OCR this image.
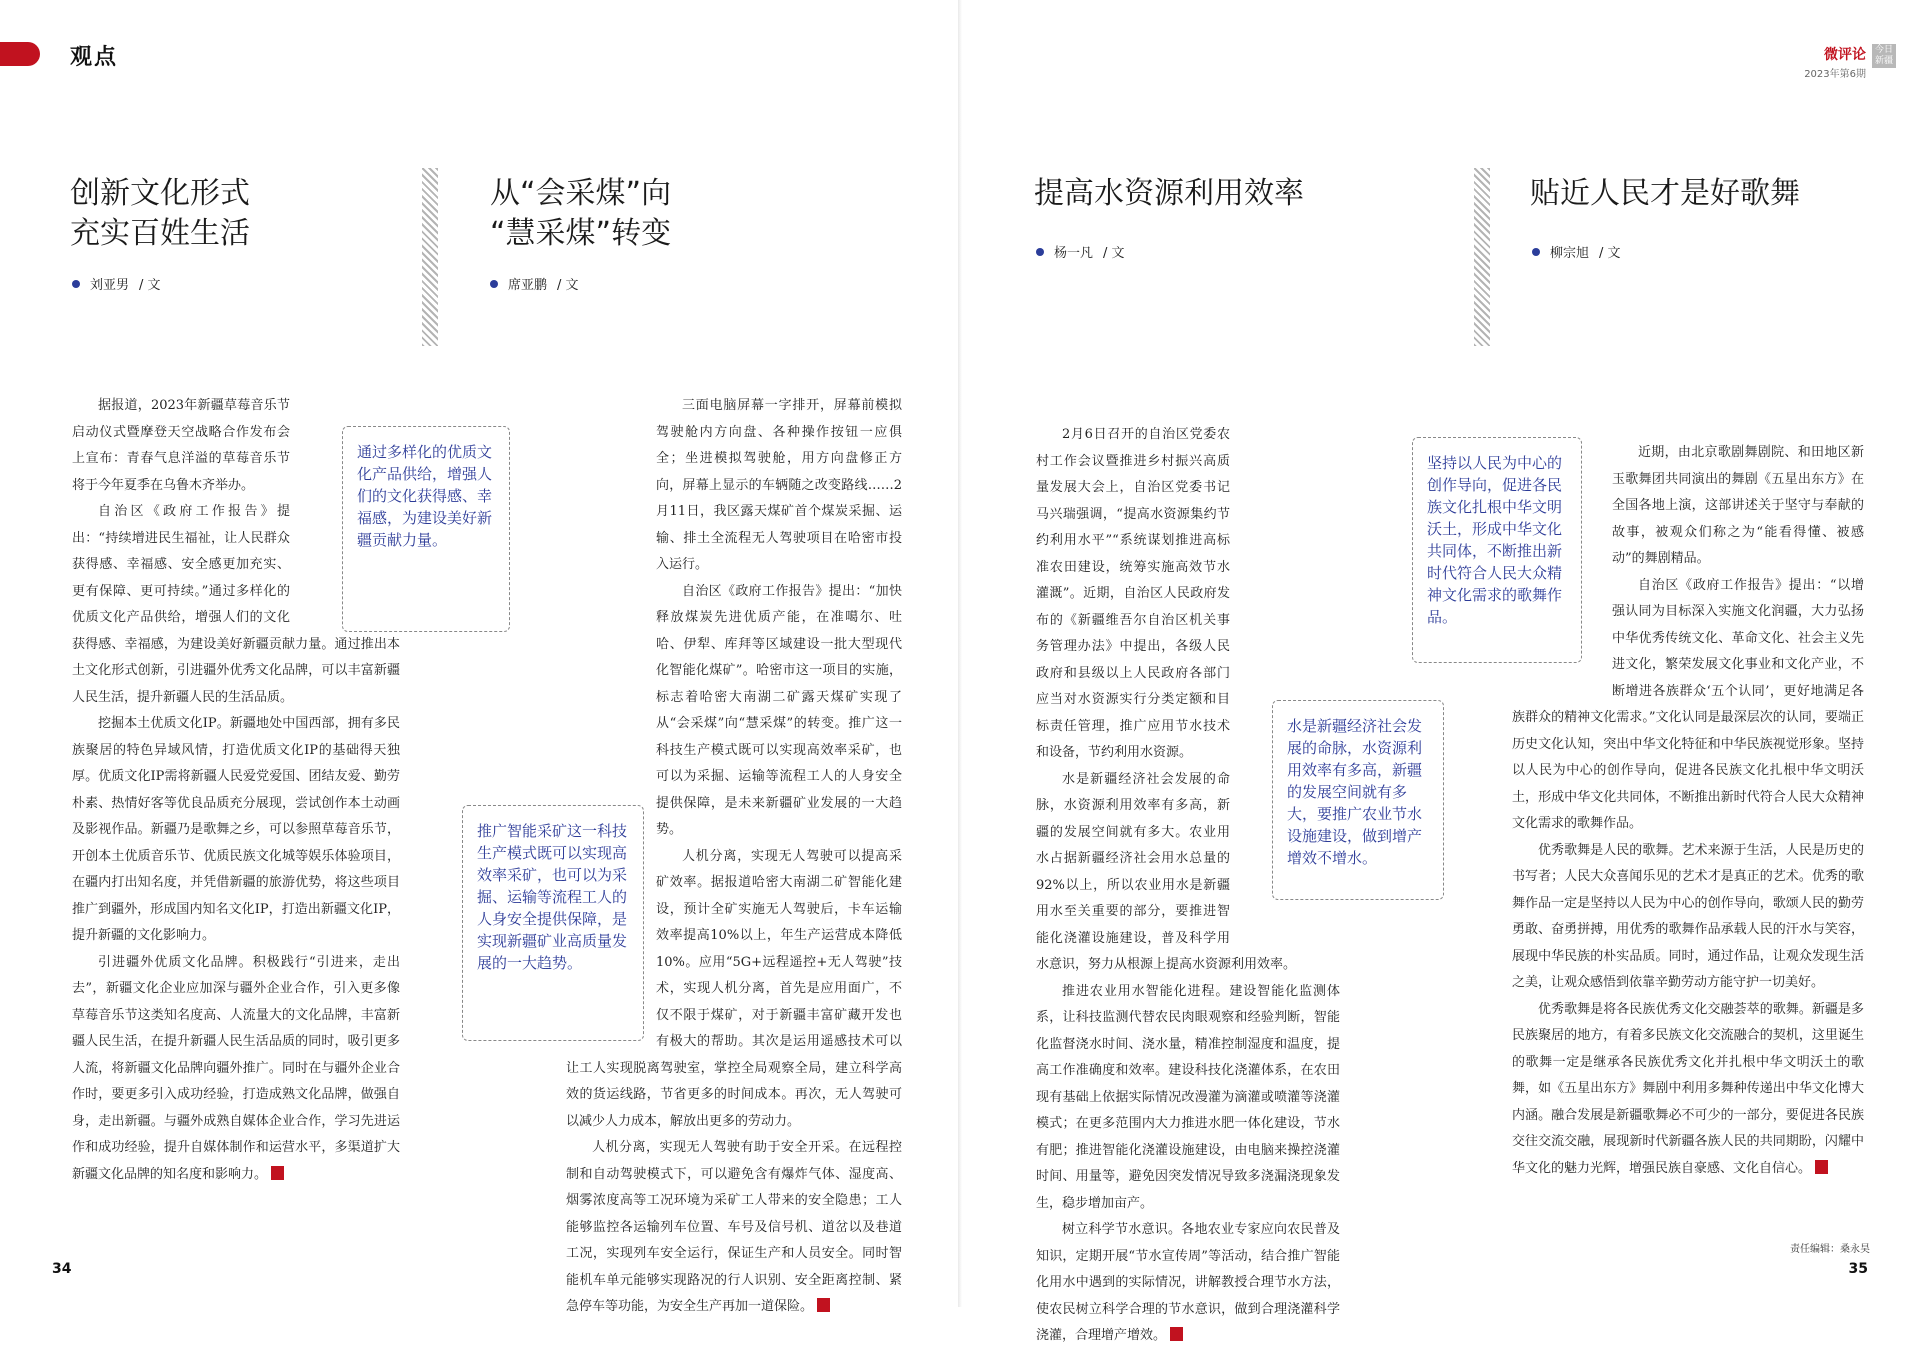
观点	微评论
2023年第6期
今日 新疆
创新文化形式
充实百姓生活
刘亚男 / 文

据报道，2023年新疆草莓音乐节启动仪式暨摩登天空战略合作发布会上宣布：青春气息洋溢的草莓音乐节将于今年夏季在乌鲁木齐举办。

自治区《政府工作报告》提出：“持续增进民生福祉，让人民群众获得感、幸福感、安全感更加充实、更有保障、更可持续。”通过多样化的优质文化产品供给，增强人们的文化获得感、幸福感，为建设美好新疆贡献力量。通过推出本土文化形式创新，引进疆外优秀文化品牌，可以丰富新疆人民生活，提升新疆人民的生活品质。

挖掘本土优质文化IP。新疆地处中国西部，拥有多民族聚居的特色异域风情，打造优质文化IP的基础得天独厚。优质文化IP需将新疆人民爱党爱国、团结友爱、勤劳朴素、热情好客等优良品质充分展现，尝试创作本土动画及影视作品。新疆乃是歌舞之乡，可以参照草莓音乐节，开创本土优质音乐节、优质民族文化城等娱乐体验项目，在疆内打出知名度，并凭借新疆的旅游优势，将这些项目推广到疆外，形成国内知名文化IP，打造出新疆文化IP，提升新疆的文化影响力。

引进疆外优质文化品牌。积极践行“引进来，走出去”，新疆文化企业应加深与疆外企业合作，引入更多像草莓音乐节这类知名度高、人流量大的文化品牌，丰富新疆人民生活，在提升新疆人民生活品质的同时，吸引更多人流，将新疆文化品牌向疆外推广。同时在与疆外企业合作时，要更多引入成功经验，打造成熟文化品牌，做强自身，走出新疆。与疆外成熟自媒体企业合作，学习先进运作和成功经验，提升自媒体制作和运营水平，多渠道扩大新疆文化品牌的知名度和影响力。

通过多样化的优质文化产品供给，增强人们的文化获得感、幸福感，为建设美好新疆贡献力量。
从“会采煤”向
“慧采煤”转变
席亚鹏 / 文

三面电脑屏幕一字排开，屏幕前模拟驾驶舱内方向盘、各种操作按钮一应俱全；坐进模拟驾驶舱，用方向盘修正方向，屏幕上显示的车辆随之改变路线……2月11日，我区露天煤矿首个煤炭采掘、运输、排土全流程无人驾驶项目在哈密市投入运行。

自治区《政府工作报告》提出：“加快释放煤炭先进优质产能，在准噶尔、吐哈、伊犁、库拜等区域建设一批大型现代化智能化煤矿”。哈密市这一项目的实施，标志着哈密大南湖二矿露天煤矿实现了从“会采煤”向“慧采煤”的转变。推广这一科技生产模式既可以实现高效率采矿，也可以为采掘、运输等流程工人的人身安全提供保障，是未来新疆矿业发展的一大趋势。

人机分离，实现无人驾驶可以提高采矿效率。据报道哈密大南湖二矿智能化建设，预计全矿实施无人驾驶后，卡车运输效率提高10%以上，年生产运营成本降低10%。应用“5G+远程遥控+无人驾驶”技术，实现人机分离，首先是应用面广，不仅不限于煤矿，对于新疆丰富矿藏开发也有极大的帮助。其次是运用遥感技术可以让工人实现脱离驾驶室，掌控全局观察全局，建立科学高效的货运线路，节省更多的时间成本。再次，无人驾驶可以减少人力成本，解放出更多的劳动力。

人机分离，实现无人驾驶有助于安全开采。在远程控制和自动驾驶模式下，可以避免含有爆炸气体、湿度高、烟雾浓度高等工况环境为采矿工人带来的安全隐患；工人能够监控各运输列车位置、车号及信号机、道岔以及巷道工况，实现列车安全运行，保证生产和人员安全。同时智能机车单元能够实现路况的行人识别、安全距离控制、紧急停车等功能，为安全生产再加一道保险。

推广智能采矿这一科技生产模式既可以实现高效率采矿，也可以为采掘、运输等流程工人的人身安全提供保障，是实现新疆矿业高质量发展的一大趋势。
提高水资源利用效率
杨一凡 / 文

2月6日召开的自治区党委农村工作会议暨推进乡村振兴高质量发展大会上，自治区党委书记马兴瑞强调，“提高水资源集约节约利用水平”“系统谋划推进高标准农田建设，统筹实施高效节水灌溉”。近期，自治区人民政府发布的《新疆维吾尔自治区机关事务管理办法》中提出，各级人民政府和县级以上人民政府各部门应当对水资源实行分类定额和目标责任管理，推广应用节水技术和设备，节约利用水资源。

水是新疆经济社会发展的命脉，水资源利用效率有多高，新疆的发展空间就有多大。农业用水占据新疆经济社会用水总量的92%以上，所以农业用水是新疆用水至关重要的部分，要推进智能化浇灌设施建设，普及科学用水意识，努力从根源上提高水资源利用效率。

推进农业用水智能化进程。建设智能化监测体系，让科技监测代替农民肉眼观察和经验判断，智能化监督浇水时间、浇水量，精准控制湿度和温度，提高工作准确度和效率。建设科技化浇灌体系，在农田现有基础上依据实际情况改漫灌为滴灌或喷灌等浇灌模式；在更多范围内大力推进水肥一体化建设，节水有肥；推进智能化浇灌设施建设，由电脑来操控浇灌时间、用量等，避免因突发情况导致多浇漏浇现象发生，稳步增加亩产。

树立科学节水意识。各地农业专家应向农民普及知识，定期开展“节水宣传周”等活动，结合推广智能化用水中遇到的实际情况，讲解教授合理节水方法，使农民树立科学合理的节水意识，做到合理浇灌科学浇灌，合理增产增效。

水是新疆经济社会发展的命脉，水资源利用效率有多高，新疆的发展空间就有多大，要推广农业节水设施建设，做到增产增效不增水。
贴近人民才是好歌舞
柳宗旭 / 文

近期，由北京歌剧舞剧院、和田地区新玉歌舞团共同演出的舞剧《五星出东方》在全国各地上演，这部讲述关于坚守与奉献的故事，被观众们称之为“能看得懂、被感动”的舞剧精品。

自治区《政府工作报告》提出：“以增强认同为目标深入实施文化润疆，大力弘扬中华优秀传统文化、革命文化、社会主义先进文化，繁荣发展文化事业和文化产业，不断增进各族群众‘五个认同’，更好地满足各族群众的精神文化需求。”文化认同是最深层次的认同，要端正历史文化认知，突出中华文化特征和中华民族视觉形象。坚持以人民为中心的创作导向，促进各民族文化扎根中华文明沃土，形成中华文化共同体，不断推出新时代符合人民大众精神文化需求的歌舞作品。

优秀歌舞是人民的歌舞。艺术来源于生活，人民是历史的书写者；人民大众喜闻乐见的艺术才是真正的艺术。优秀的歌舞作品一定是坚持以人民为中心的创作导向，歌颂人民的勤劳勇敢、奋勇拼搏，用优秀的歌舞作品承载人民的汗水与笑容，展现中华民族的朴实品质。同时，通过作品，让观众发现生活之美，让观众感悟到依靠辛勤劳动方能守护一切美好。

优秀歌舞是将各民族优秀文化交融荟萃的歌舞。新疆是多民族聚居的地方，有着多民族文化交流融合的契机，这里诞生的歌舞一定是继承各民族优秀文化并扎根中华文明沃土的歌舞，如《五星出东方》舞剧中利用多舞种传递出中华文化博大内涵。融合发展是新疆歌舞必不可少的一部分，要促进各民族交往交流交融，展现新时代新疆各族人民的共同期盼，闪耀中华文化的魅力光辉，增强民族自豪感、文化自信心。

坚持以人民为中心的创作导向，促进各民族文化扎根中华文明沃土，形成中华文化共同体，不断推出新时代符合人民大众精神文化需求的歌舞作品。
34	35
责任编辑：桑永昊
